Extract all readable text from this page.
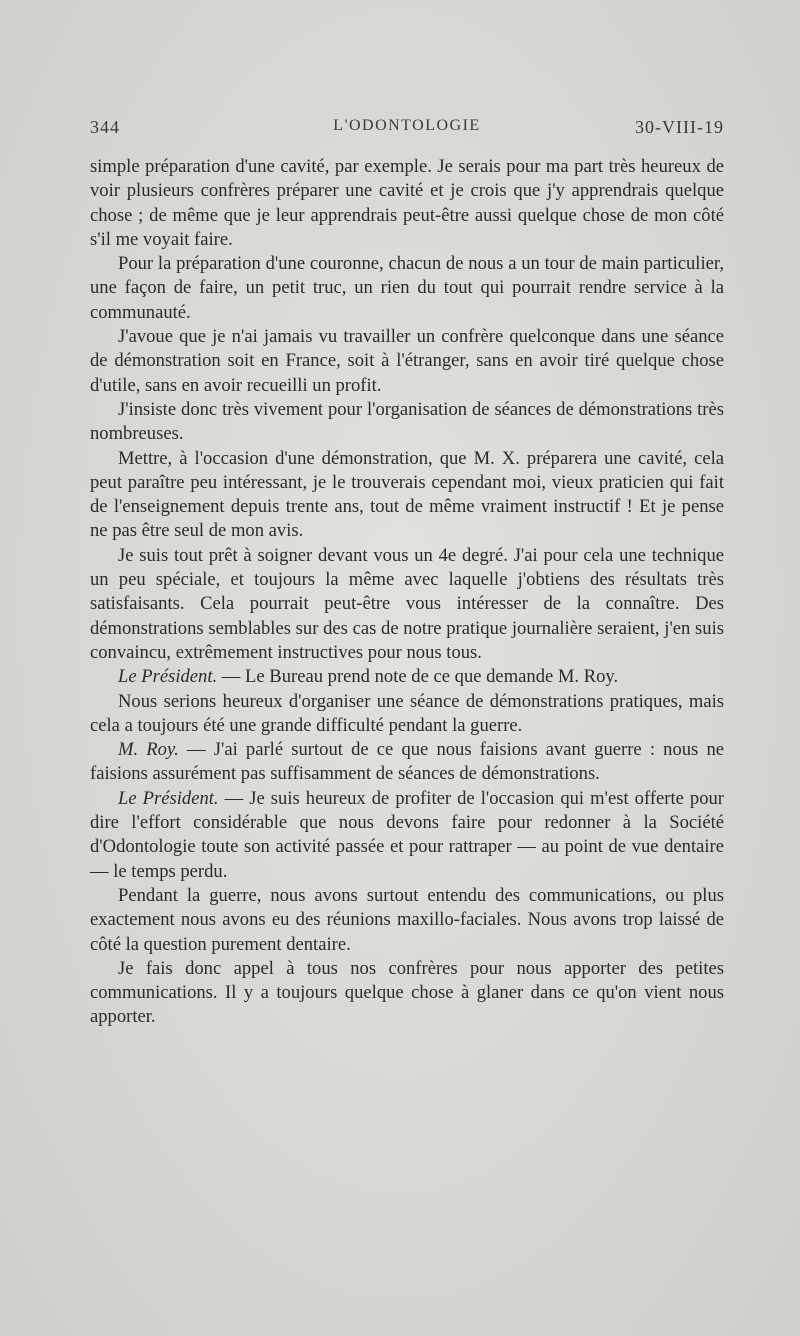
344	L'ODONTOLOGIE	30-VIII-19

simple préparation d'une cavité, par exemple. Je serais pour ma part très heureux de voir plusieurs confrères préparer une cavité et je crois que j'y apprendrais quelque chose ; de même que je leur apprendrais peut-être aussi quelque chose de mon côté s'il me voyait faire.

Pour la préparation d'une couronne, chacun de nous a un tour de main particulier, une façon de faire, un petit truc, un rien du tout qui pourrait rendre service à la communauté.

J'avoue que je n'ai jamais vu travailler un confrère quelconque dans une séance de démonstration soit en France, soit à l'étranger, sans en avoir tiré quelque chose d'utile, sans en avoir recueilli un profit.

J'insiste donc très vivement pour l'organisation de séances de démonstrations très nombreuses.

Mettre, à l'occasion d'une démonstration, que M. X. préparera une cavité, cela peut paraître peu intéressant, je le trouverais cependant moi, vieux praticien qui fait de l'enseignement depuis trente ans, tout de même vraiment instructif ! Et je pense ne pas être seul de mon avis.

Je suis tout prêt à soigner devant vous un 4e degré. J'ai pour cela une technique un peu spéciale, et toujours la même avec laquelle j'obtiens des résultats très satisfaisants. Cela pourrait peut-être vous intéresser de la connaître. Des démonstrations semblables sur des cas de notre pratique journalière seraient, j'en suis convaincu, extrêmement instructives pour nous tous.

Le Président. — Le Bureau prend note de ce que demande M. Roy.

Nous serions heureux d'organiser une séance de démonstrations pratiques, mais cela a toujours été une grande difficulté pendant la guerre.

M. Roy. — J'ai parlé surtout de ce que nous faisions avant guerre : nous ne faisions assurément pas suffisamment de séances de démonstrations.

Le Président. — Je suis heureux de profiter de l'occasion qui m'est offerte pour dire l'effort considérable que nous devons faire pour redonner à la Société d'Odontologie toute son activité passée et pour rattraper — au point de vue dentaire — le temps perdu.

Pendant la guerre, nous avons surtout entendu des communications, ou plus exactement nous avons eu des réunions maxillo-faciales. Nous avons trop laissé de côté la question purement dentaire.

Je fais donc appel à tous nos confrères pour nous apporter des petites communications. Il y a toujours quelque chose à glaner dans ce qu'on vient nous apporter.
